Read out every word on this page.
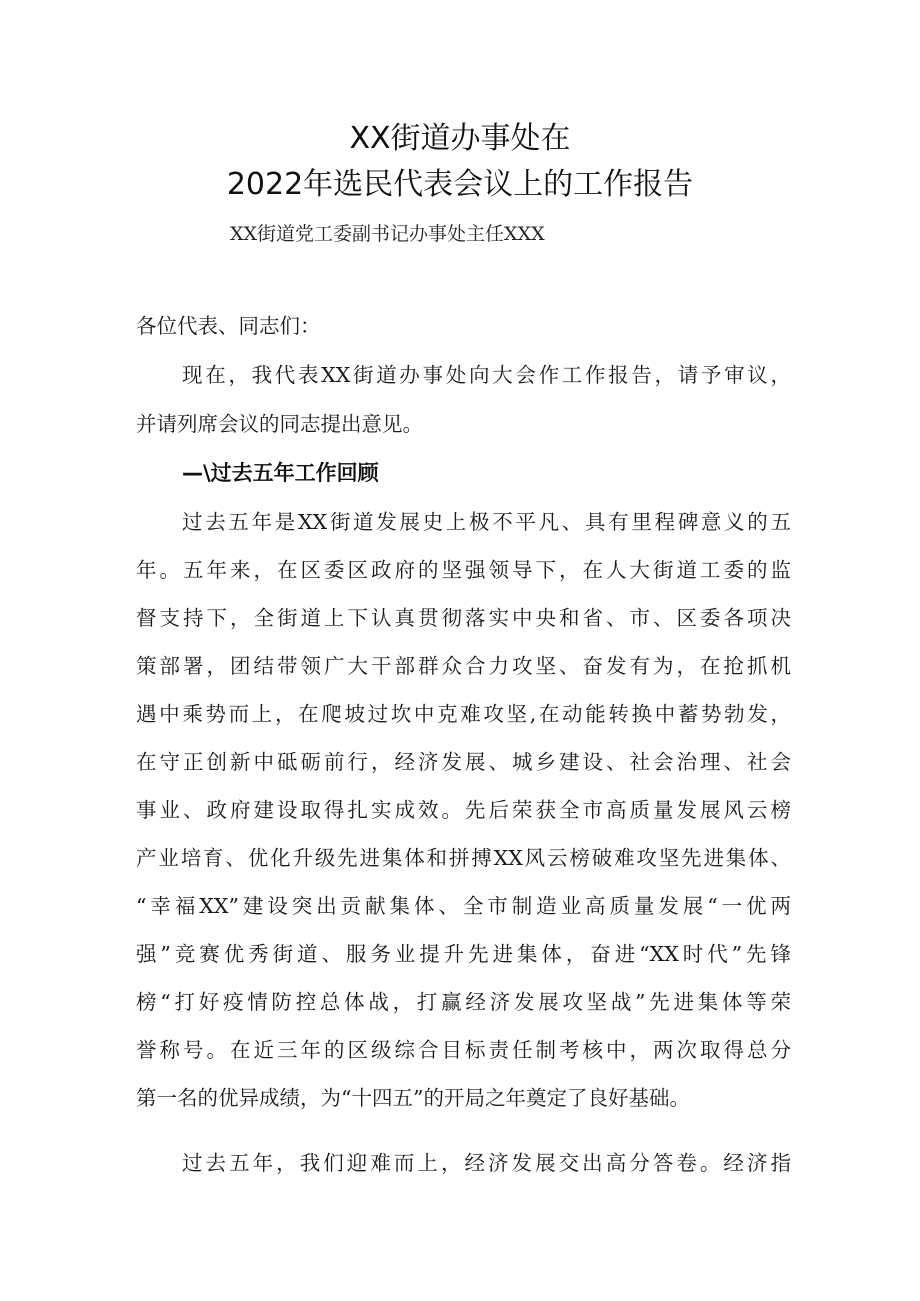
XX街道办事处在
2022年选民代表会议上的工作报告
XX街道党工委副书记办事处主任XXX
各位代表、同志们：
现在，我代表XX街道办事处向大会作工作报告，请予审议，
并请列席会议的同志提出意见。
—\过去五年工作回顾
过去五年是XX街道发展史上极不平凡、具有里程碑意义的五
年。五年来，在区委区政府的坚强领导下，在人大街道工委的监
督支持下，全街道上下认真贯彻落实中央和省、市、区委各项决
策部署，团结带领广大干部群众合力攻坚、奋发有为，在抢抓机
遇中乘势而上，在爬坡过坎中克难攻坚,在动能转换中蓄势勃发，
在守正创新中砥砺前行，经济发展、城乡建设、社会治理、社会
事业、政府建设取得扎实成效。先后荣获全市高质量发展风云榜
产业培育、优化升级先进集体和拼搏XX风云榜破难攻坚先进集体、
“幸福XX”建设突出贡献集体、全市制造业高质量发展“一优两
强”竞赛优秀街道、服务业提升先进集体，奋进“XX时代”先锋
榜“打好疫情防控总体战，打赢经济发展攻坚战”先进集体等荣
誉称号。在近三年的区级综合目标责任制考核中，两次取得总分
第一名的优异成绩，为“十四五”的开局之年奠定了良好基础。
过去五年，我们迎难而上，经济发展交出高分答卷。经济指
